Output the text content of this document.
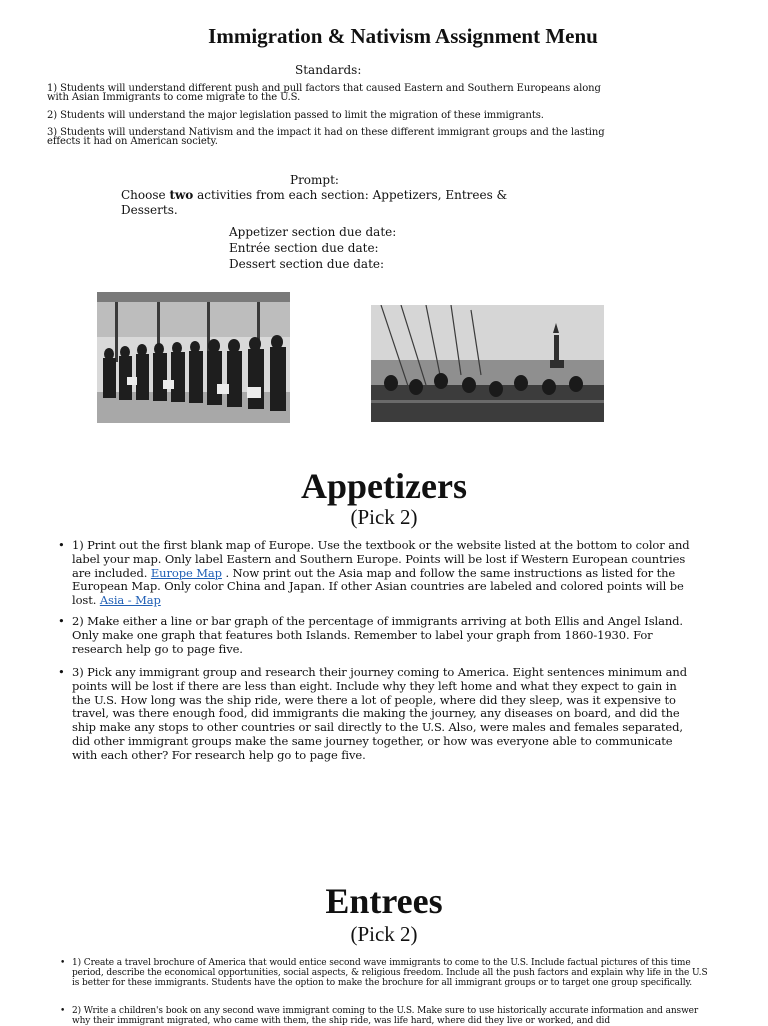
Immigration & Nativism Assignment Menu
Standards:
1) Students will understand different push and pull factors that caused Eastern and Southern Europeans along with Asian Immigrants to come migrate to the U.S.
2) Students will understand the major legislation passed to limit the migration of these immigrants.
3) Students will understand Nativism and the impact it had on these different immigrant groups and the lasting effects it had on American society.
Prompt:
Choose two activities from each section: Appetizers, Entrees & Desserts.
Appetizer section due date:
Entrée section due date:
Dessert section due date:
Appetizers
(Pick 2)
• 1) Print out the first blank map of Europe. Use the textbook or the website listed at the bottom to color and label your map. Only label Eastern and Southern Europe. Points will be lost if Western European countries are included. Europe Map . Now print out the Asia map and follow the same instructions as listed for the European Map. Only color China and Japan. If other Asian countries are labeled and colored points will be lost. Asia - Map
• 2) Make either a line or bar graph of the percentage of immigrants arriving at both Ellis and Angel Island. Only make one graph that features both Islands. Remember to label your graph from 1860-1930. For research help go to page five.
• 3) Pick any immigrant group and research their journey coming to America. Eight sentences minimum and points will be lost if there are less than eight. Include why they left home and what they expect to gain in the U.S. How long was the ship ride, were there a lot of people, where did they sleep, was it expensive to travel, was there enough food, did immigrants die making the journey, any diseases on board, and did the ship make any stops to other countries or sail directly to the U.S. Also, were males and females separated, did other immigrant groups make the same journey together, or how was everyone able to communicate with each other? For research help go to page five.
Entrees
(Pick 2)
• 1) Create a travel brochure of America that would entice second wave immigrants to come to the U.S. Include factual pictures of this time period, describe the economical opportunities, social aspects, & religious freedom. Include all the push factors and explain why life in the U.S is better for these immigrants. Students have the option to make the brochure for all immigrant groups or to target one group specifically.
• 2) Write a children's book on any second wave immigrant coming to the U.S. Make sure to use historically accurate information and answer why their immigrant migrated, who came with them, the ship ride, was life hard, where did they live or worked, and did
